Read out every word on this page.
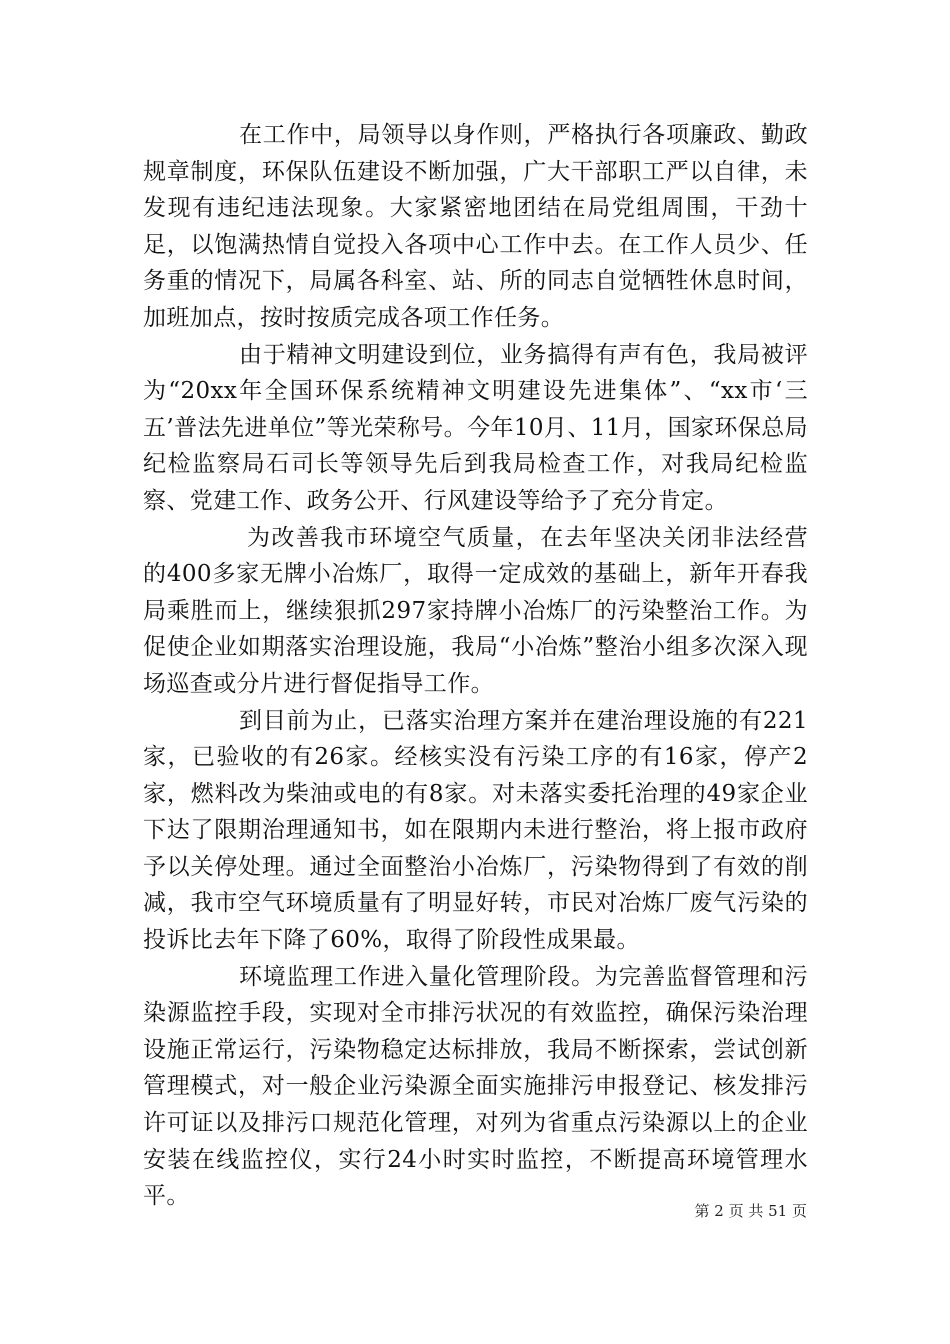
在工作中，局领导以身作则，严格执行各项廉政、勤政规章制度，环保队伍建设不断加强，广大干部职工严以自律，未发现有违纪违法现象。大家紧密地团结在局党组周围，干劲十足，以饱满热情自觉投入各项中心工作中去。在工作人员少、任务重的情况下，局属各科室、站、所的同志自觉牺牲休息时间，加班加点，按时按质完成各项工作任务。

由于精神文明建设到位，业务搞得有声有色，我局被评为“20xx年全国环保系统精神文明建设先进集体”、“xx市‘三五’普法先进单位”等光荣称号。今年10月、11月，国家环保总局纪检监察局石司长等领导先后到我局检查工作，对我局纪检监察、党建工作、政务公开、行风建设等给予了充分肯定。

为改善我市环境空气质量，在去年坚决关闭非法经营的400多家无牌小冶炼厂，取得一定成效的基础上，新年开春我局乘胜而上，继续狠抓297家持牌小冶炼厂的污染整治工作。为促使企业如期落实治理设施，我局“小冶炼”整治小组多次深入现场巡查或分片进行督促指导工作。

到目前为止，已落实治理方案并在建治理设施的有221家，已验收的有26家。经核实没有污染工序的有16家，停产2家，燃料改为柴油或电的有8家。对未落实委托治理的49家企业下达了限期治理通知书，如在限期内未进行整治，将上报市政府予以关停处理。通过全面整治小冶炼厂，污染物得到了有效的削减，我市空气环境质量有了明显好转，市民对冶炼厂废气污染的投诉比去年下降了60%，取得了阶段性成果最。

环境监理工作进入量化管理阶段。为完善监督管理和污染源监控手段，实现对全市排污状况的有效监控，确保污染治理设施正常运行，污染物稳定达标排放，我局不断探索，尝试创新管理模式，对一般企业污染源全面实施排污申报登记、核发排污许可证以及排污口规范化管理，对列为省重点污染源以上的企业安装在线监控仪，实行24小时实时监控，不断提高环境管理水平。

第 2 页 共 51 页
